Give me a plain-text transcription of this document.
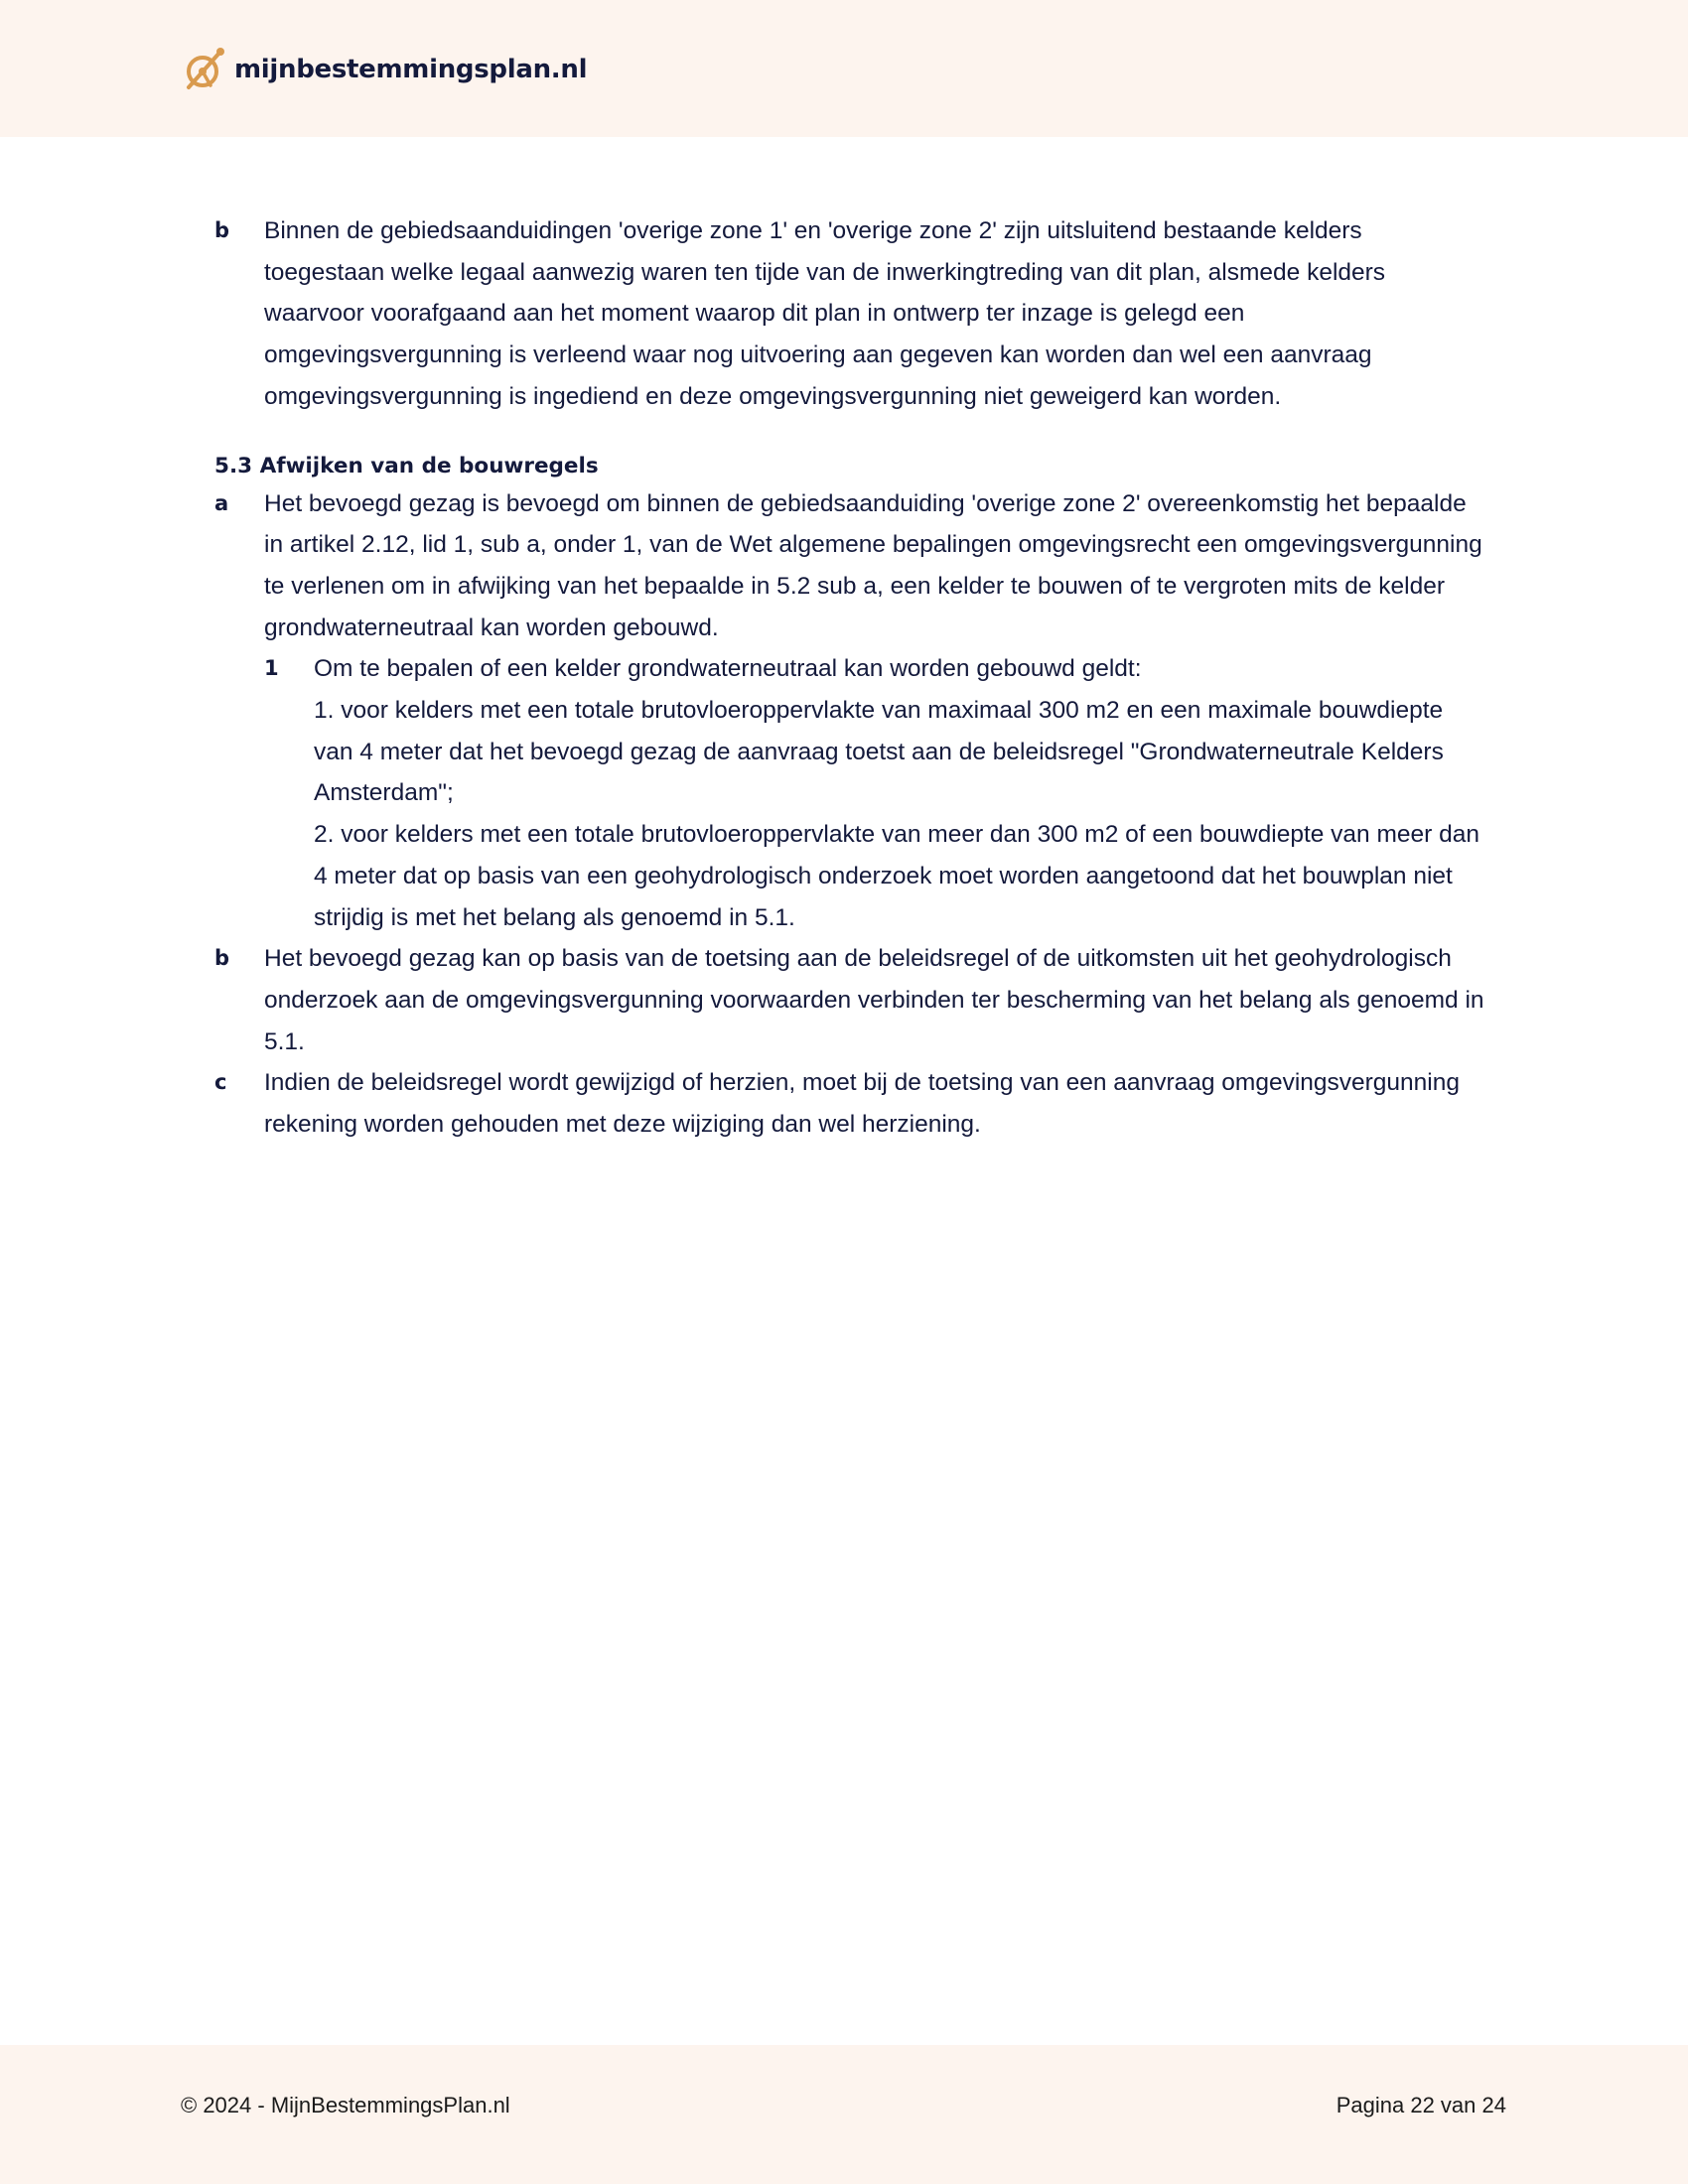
mijnbestemmingsplan.nl
b Binnen de gebiedsaanduidingen 'overige zone 1' en 'overige zone 2' zijn uitsluitend bestaande kelders toegestaan welke legaal aanwezig waren ten tijde van de inwerkingtreding van dit plan, alsmede kelders waarvoor voorafgaand aan het moment waarop dit plan in ontwerp ter inzage is gelegd een omgevingsvergunning is verleend waar nog uitvoering aan gegeven kan worden dan wel een aanvraag omgevingsvergunning is ingediend en deze omgevingsvergunning niet geweigerd kan worden.
5.3 Afwijken van de bouwregels
a Het bevoegd gezag is bevoegd om binnen de gebiedsaanduiding 'overige zone 2' overeenkomstig het bepaalde in artikel 2.12, lid 1, sub a, onder 1, van de Wet algemene bepalingen omgevingsrecht een omgevingsvergunning te verlenen om in afwijking van het bepaalde in 5.2 sub a, een kelder te bouwen of te vergroten mits de kelder grondwaterneutraal kan worden gebouwd.
1 Om te bepalen of een kelder grondwaterneutraal kan worden gebouwd geldt:
1. voor kelders met een totale brutovloeroppervlakte van maximaal 300 m2 en een maximale bouwdiepte van 4 meter dat het bevoegd gezag de aanvraag toetst aan de beleidsregel "Grondwaterneutrale Kelders Amsterdam";
2. voor kelders met een totale brutovloeroppervlakte van meer dan 300 m2 of een bouwdiepte van meer dan 4 meter dat op basis van een geohydrologisch onderzoek moet worden aangetoond dat het bouwplan niet strijdig is met het belang als genoemd in 5.1.
b Het bevoegd gezag kan op basis van de toetsing aan de beleidsregel of de uitkomsten uit het geohydrologisch onderzoek aan de omgevingsvergunning voorwaarden verbinden ter bescherming van het belang als genoemd in 5.1.
c Indien de beleidsregel wordt gewijzigd of herzien, moet bij de toetsing van een aanvraag omgevingsvergunning rekening worden gehouden met deze wijziging dan wel herziening.
© 2024 - MijnBestemmingsPlan.nl	Pagina 22 van 24
